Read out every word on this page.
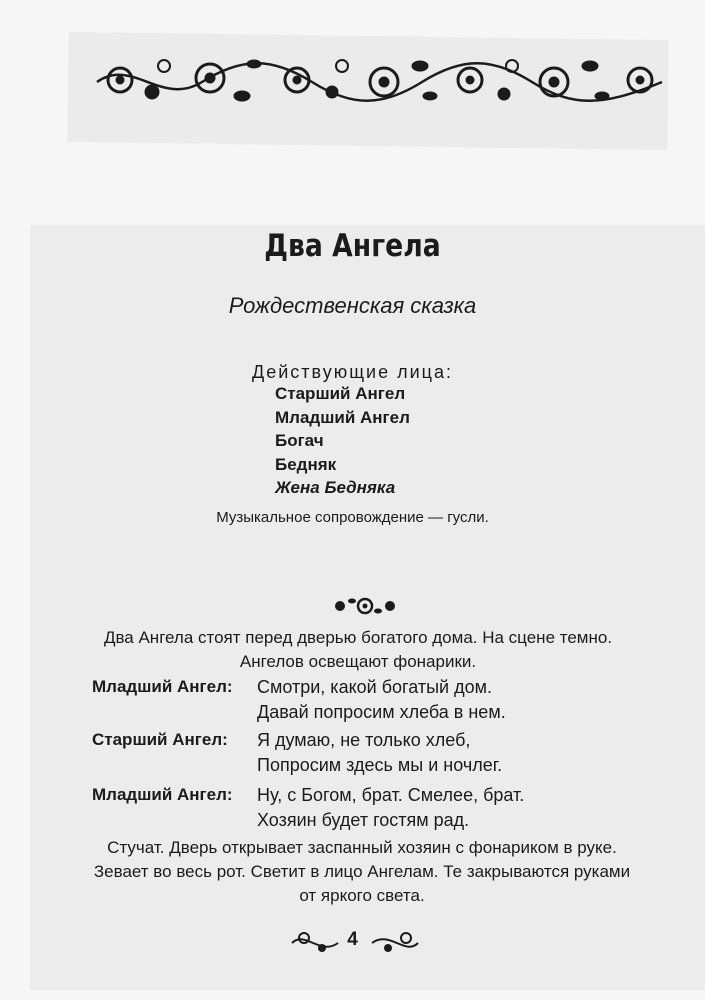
Два Ангела
Рождественская сказка
Действующие лица:
Старший Ангел
Младший Ангел
Богач
Бедняк
Жена Бедняка
Музыкальное сопровождение — гусли.
Два Ангела стоят перед дверью богатого дома. На сцене темно. Ангелов освещают фонарики.
Младший Ангел: Смотри, какой богатый дом.
Давай попросим хлеба в нем.
Старший Ангел: Я думаю, не только хлеб,
Попросим здесь мы и ночлег.
Младший Ангел: Ну, с Богом, брат. Смелее, брат.
Хозяин будет гостям рад.
Стучат. Дверь открывает заспанный хозяин с фонариком в руке. Зевает во весь рот. Светит в лицо Ангелам. Те закрываются руками от яркого света.
4
